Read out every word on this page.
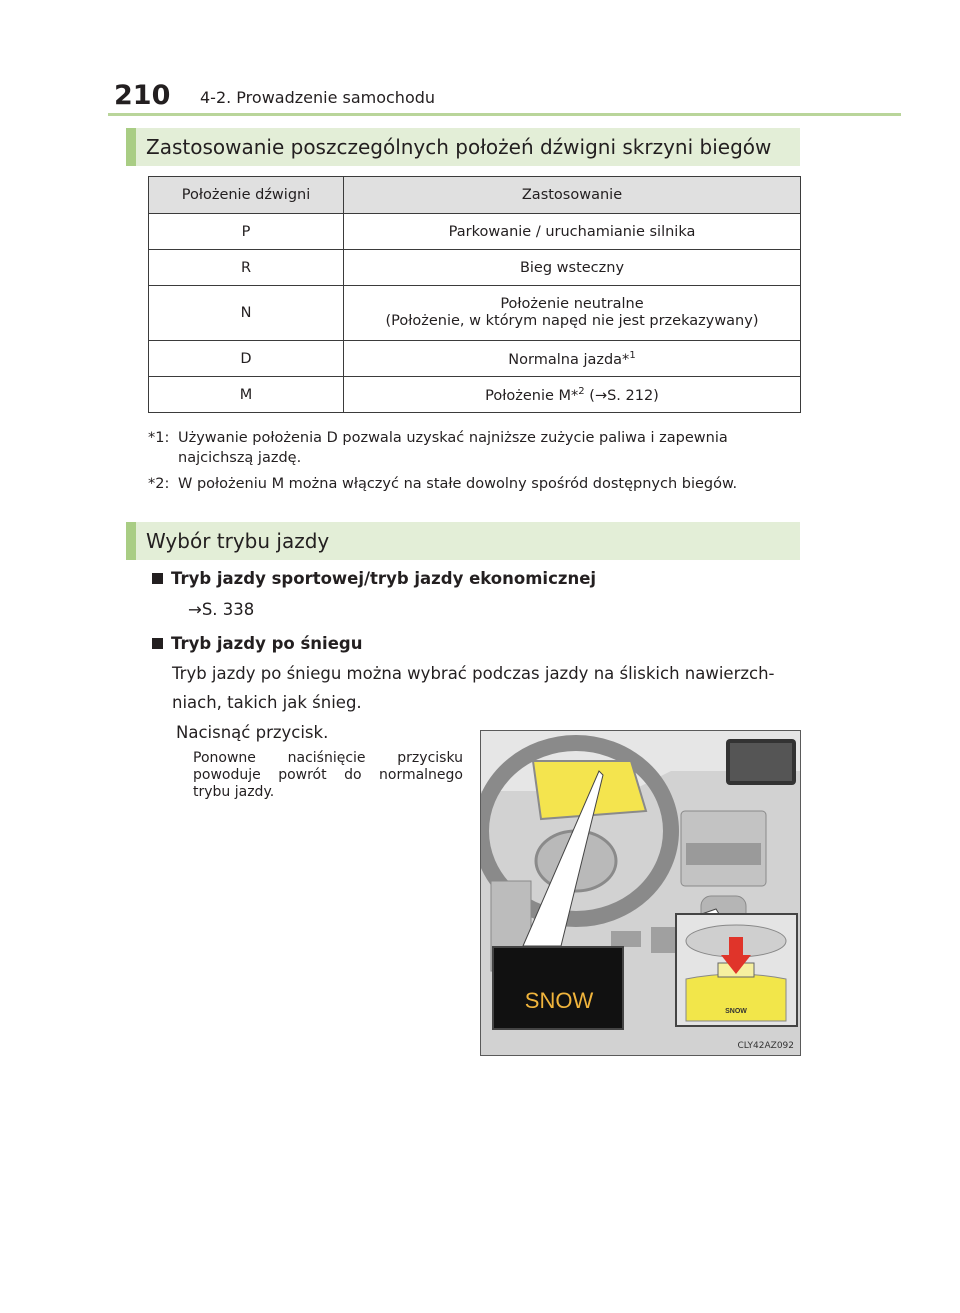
210 4-2. Prowadzenie samochodu
Zastosowanie poszczególnych położeń dźwigni skrzyni biegów
Położenie dźwigni	Zastosowanie
P	Parkowanie / uruchamianie silnika
R	Bieg wsteczny
N	Położenie neutralne
(Położenie, w którym napęd nie jest przekazywany)

D	Normalna jazda*$^1$
M	Położenie M*$^2$ (→S. 212)
*1: Używanie położenia D pozwala uzyskać najniższe zużycie paliwa i zapewnia najcichszą jazdę.
*2: W położeniu M można włączyć na stałe dowolny spośród dostępnych biegów.
Wybór trybu jazdy
Tryb jazdy sportowej/tryb jazdy ekonomicznej
→S. 338
Tryb jazdy po śniegu
Tryb jazdy po śniegu można wybrać podczas jazdy na śliskich nawierzch-niach, takich jak śnieg.
Nacisnąć przycisk.
Ponowne naciśnięcie przycisku powoduje powrót do normalnego trybu jazdy.
SNOW	SNOW
CLY42AZ092
